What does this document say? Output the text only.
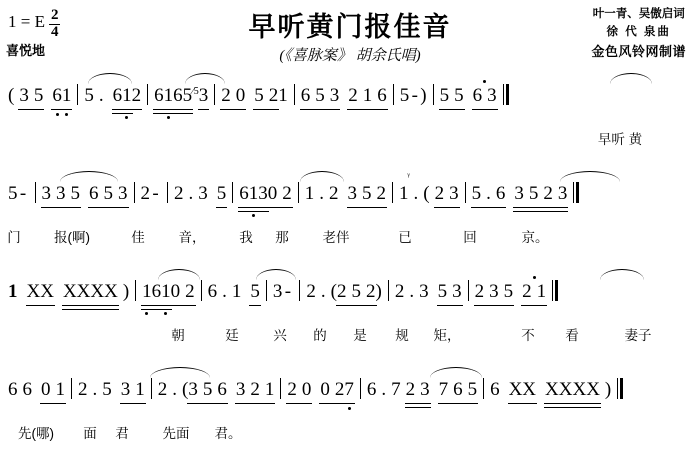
1 = E $\frac{2}{4}$
喜悦地
早听黄门报佳音
(《喜脉案》 胡余氏唱)
叶一青、吴傲启词
徐 代 泉曲
金色风铃网制谱
( 3 5 6
1 5 . 61
2 61
$65^{⁄5}3$ 2 0 5 21 6 5 3 2 1 6 5 - ) 5 5 6 3
早听 黄
5 - 3 3 5 6 5 3 2 - 2 . 3 5 61
30 2 1 . 2 3 5 2
ᵞ
1 . ( 2 3 5 . 6 3 5 2 3
门 报(啊)	佳	音，	我 那	老伴	已	回	京。
1 XX XXXX ) 1
61
0 2 6 . 1 5 3 - 2 . (2 5 2) 2 . 3 5 3 2 3 5 2 1
朝	廷	兴 的 是 规 矩，	不 看	妻子
6 6 0 1 2 . 5 3 1 2 . (3 5 6 3 2 1 2 0 0 27 6 . 7 2 3 7 6 5 6 XX XXXX )
先(哪) 面 君	先面 君。
